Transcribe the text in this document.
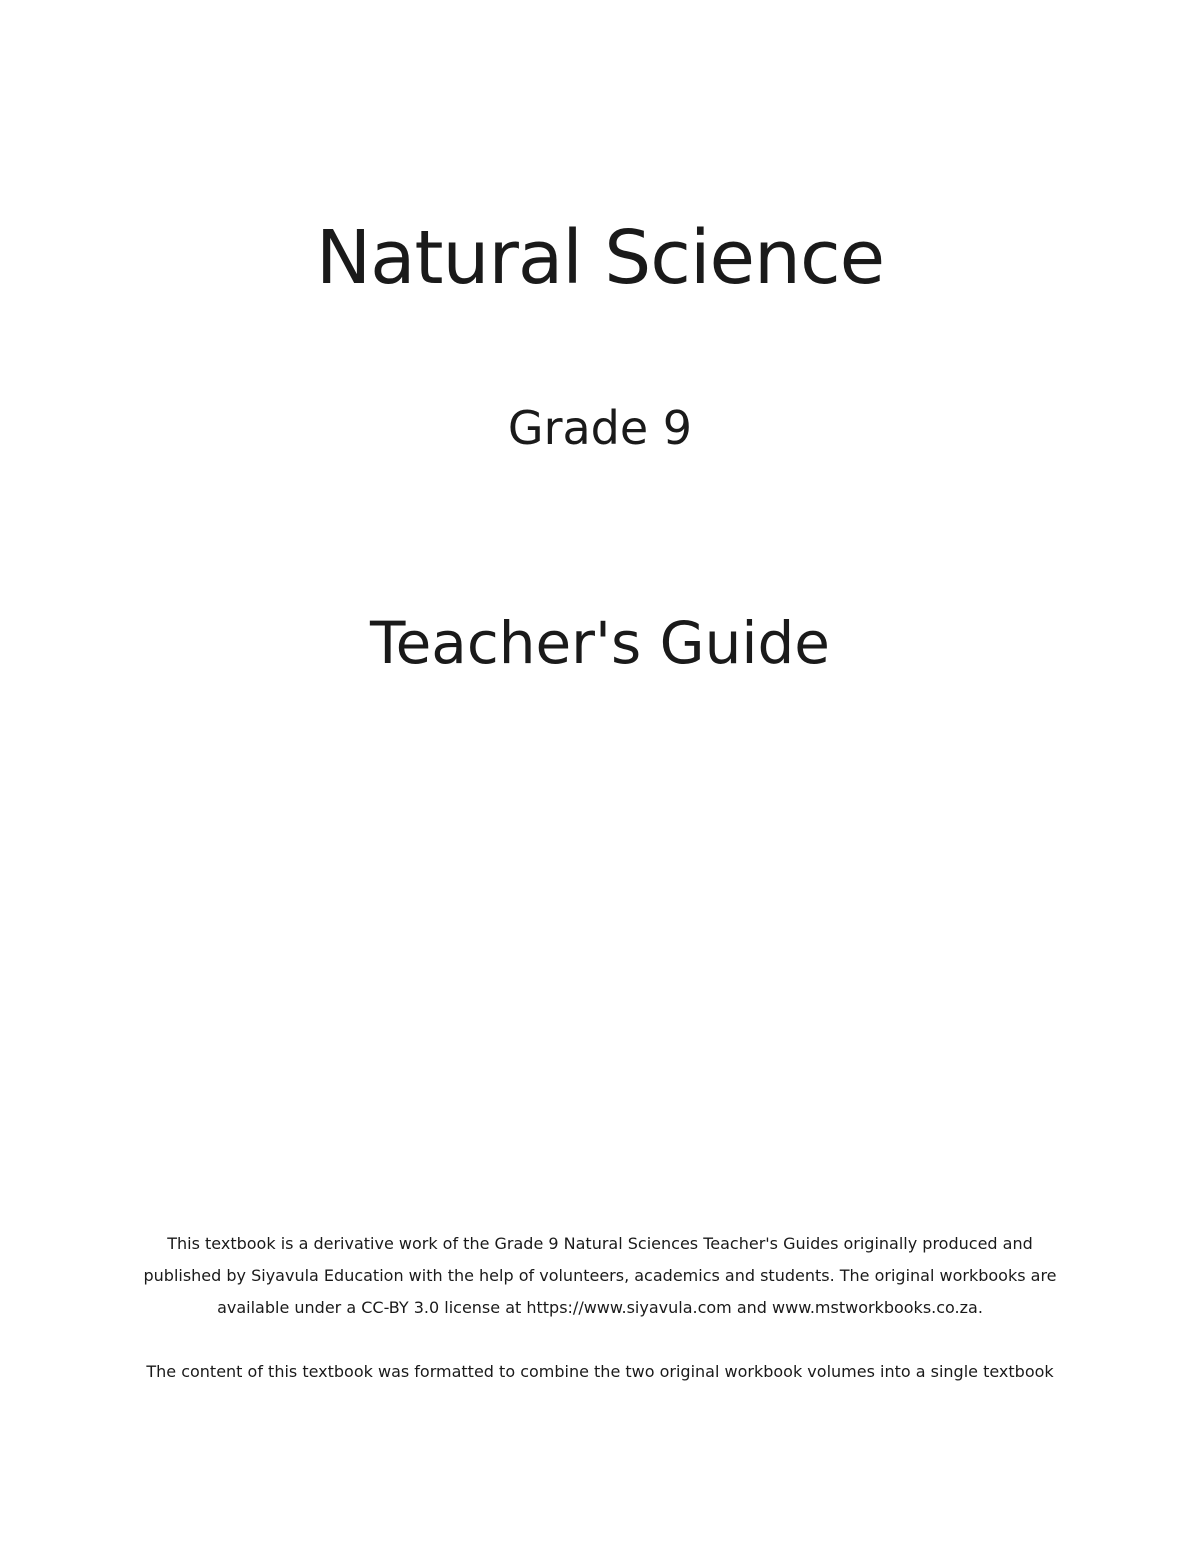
Natural Science
Grade 9
Teacher's Guide

This textbook is a derivative work of the Grade 9 Natural Sciences Teacher's Guides originally produced and
published by Siyavula Education with the help of volunteers, academics and students. The original workbooks are
available under a CC-BY 3.0 license at https://www.siyavula.com and www.mstworkbooks.co.za.

The content of this textbook was formatted to combine the two original workbook volumes into a single textbook
